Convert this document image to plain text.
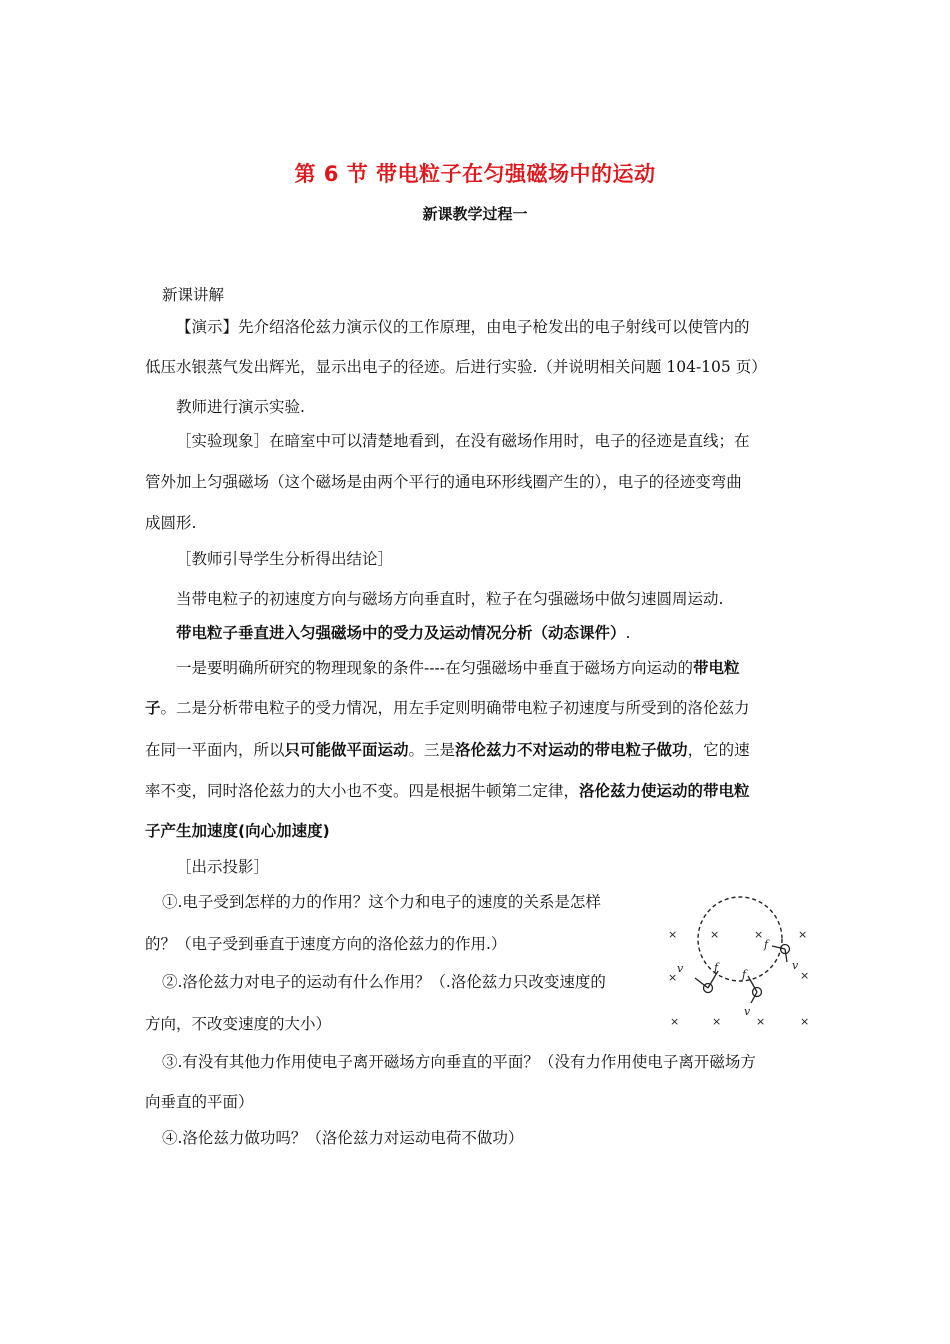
第 6 节 带电粒子在匀强磁场中的运动
新课教学过程一
新课讲解
【演示】先介绍洛伦兹力演示仪的工作原理，由电子枪发出的电子射线可以使管内的
低压水银蒸气发出辉光，显示出电子的径迹。后进行实验.（并说明相关问题 104-105 页）
教师进行演示实验.
［实验现象］在暗室中可以清楚地看到，在没有磁场作用时，电子的径迹是直线；在
管外加上匀强磁场（这个磁场是由两个平行的通电环形线圈产生的），电子的径迹变弯曲
成圆形.
［教师引导学生分析得出结论］
当带电粒子的初速度方向与磁场方向垂直时，粒子在匀强磁场中做匀速圆周运动.
带电粒子垂直进入匀强磁场中的受力及运动情况分析（动态课件）.
一是要明确所研究的物理现象的条件----在匀强磁场中垂直于磁场方向运动的带电粒
子。二是分析带电粒子的受力情况，用左手定则明确带电粒子初速度与所受到的洛伦兹力
在同一平面内，所以只可能做平面运动。三是洛伦兹力不对运动的带电粒子做功，它的速
率不变，同时洛伦兹力的大小也不变。四是根据牛顿第二定律，洛伦兹力使运动的带电粒
子产生加速度(向心加速度)
［出示投影］
①.电子受到怎样的力的作用？这个力和电子的速度的关系是怎样
的？（电子受到垂直于速度方向的洛伦兹力的作用.）
②.洛伦兹力对电子的运动有什么作用？（.洛伦兹力只改变速度的
方向，不改变速度的大小）
③.有没有其他力作用使电子离开磁场方向垂直的平面？（没有力作用使电子离开磁场方
向垂直的平面）
④.洛伦兹力做功吗？（洛伦兹力对运动电荷不做功）
×	×	×	×
×	×
×	×	×	×
f
v
f
v	f
v
